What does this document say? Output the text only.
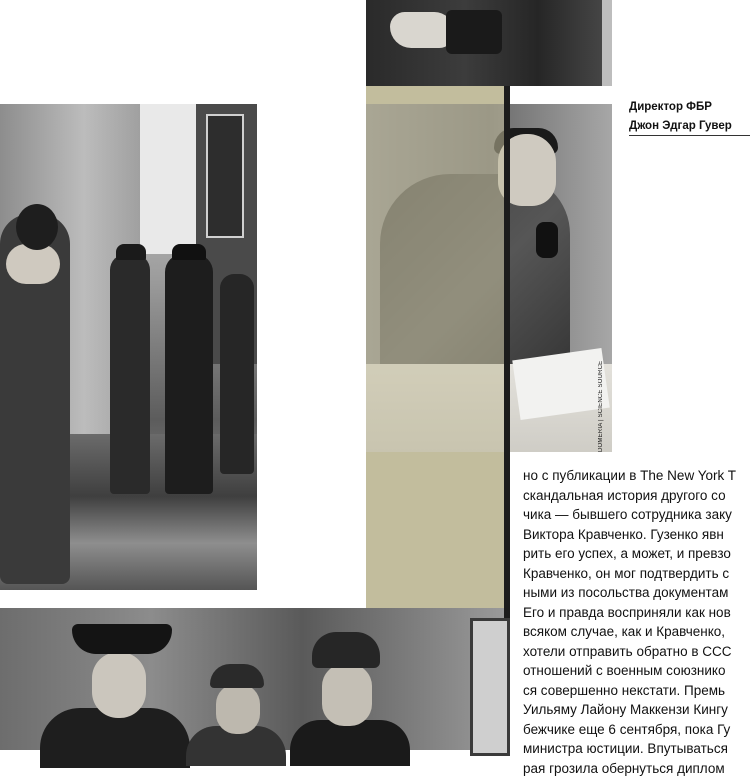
DOMERIA | SCIENCE SOURCE
Директор ФБР
Джон Эдгар Гувер
но с публикации в The New York T
скандальная история другого со
чика — бывшего сотрудника заку
Виктора Кравченко. Гузенко явн
рить его успех, а может, и превзо
Кравченко, он мог подтвердить с
ными из посольства документам
Его и правда восприняли как нов
всяком случае, как и Кравченко,
хотели отправить обратно в ССС
отношений с военным союзнико
ся совершенно некстати. Премь
Уильяму Лайону Маккензи Кингу
бежчике еще 6 сентября, пока Гу
министра юстиции. Впутываться
рая грозила обернуться диплом
